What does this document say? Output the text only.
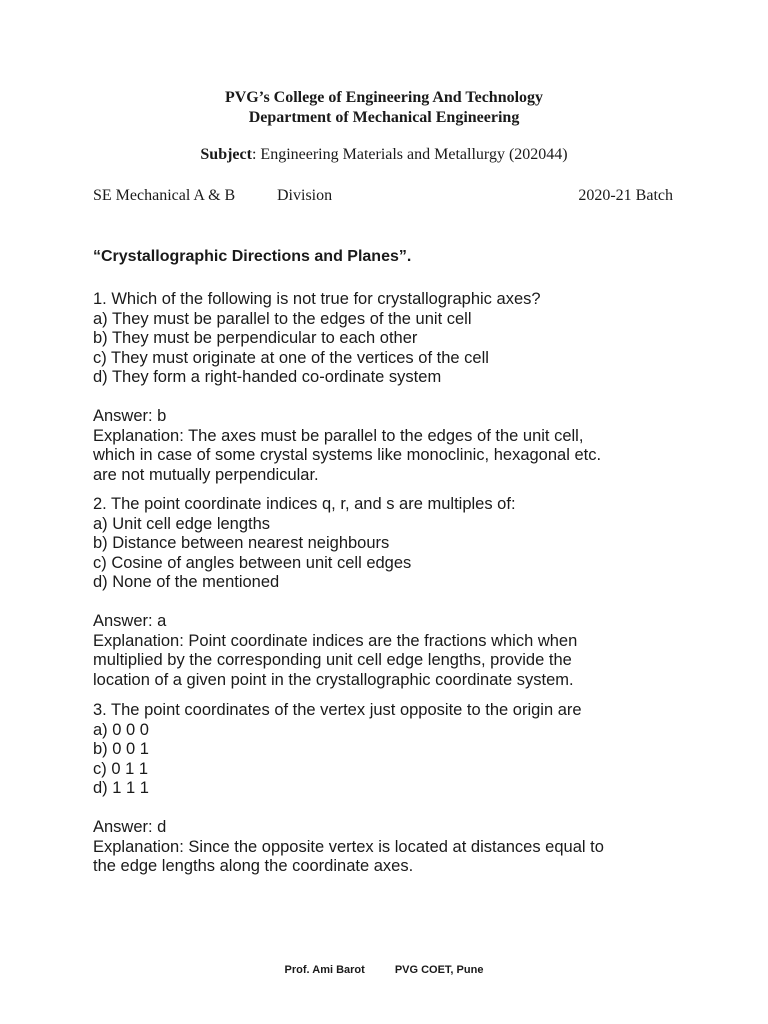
PVG’s College of Engineering And Technology
Department of Mechanical Engineering
Subject: Engineering Materials and Metallurgy (202044)
SE Mechanical A & B	Division	2020-21 Batch
“Crystallographic Directions and Planes”.
1. Which of the following is not true for crystallographic axes?
a) They must be parallel to the edges of the unit cell
b) They must be perpendicular to each other
c) They must originate at one of the vertices of the cell
d) They form a right-handed co-ordinate system
Answer: b
Explanation: The axes must be parallel to the edges of the unit cell,
which in case of some crystal systems like monoclinic, hexagonal etc.
are not mutually perpendicular.
2. The point coordinate indices q, r, and s are multiples of:
a) Unit cell edge lengths
b) Distance between nearest neighbours
c) Cosine of angles between unit cell edges
d) None of the mentioned
Answer: a
Explanation: Point coordinate indices are the fractions which when
multiplied by the corresponding unit cell edge lengths, provide the
location of a given point in the crystallographic coordinate system.
3. The point coordinates of the vertex just opposite to the origin are
a) 0 0 0
b) 0 0 1
c) 0 1 1
d) 1 1 1
Answer: d
Explanation: Since the opposite vertex is located at distances equal to
the edge lengths along the coordinate axes.
Prof. Ami Barot	PVG COET, Pune
